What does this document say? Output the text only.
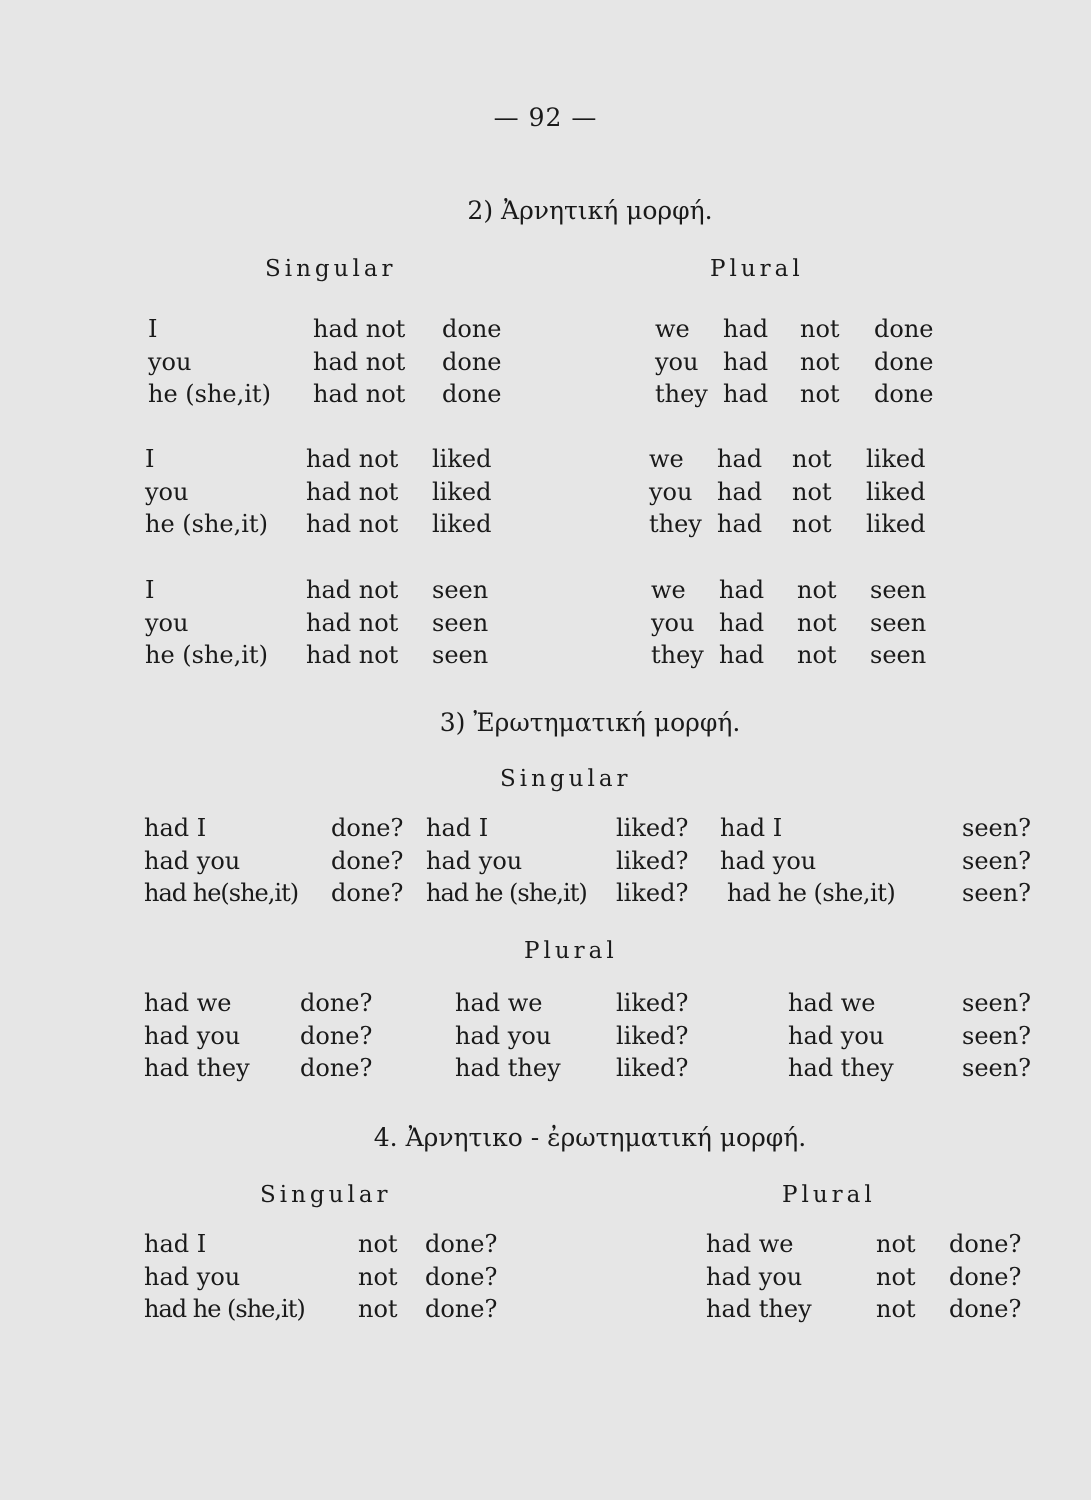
— 92 —
2) Ἀρνητική μορφή.
Singular	Plural
I	had not done	we had not done
you	had not done	you had not done
he (she,it) had not done	they had not done
I	had not liked	we had not liked
you	had not liked	you had not liked
he (she,it) had not liked	they had not liked
I	had not seen	we had not seen
you	had not seen	you had not seen
he (she,it) had not seen	they had not seen
3) Ἐρωτηματική μορφή.
Singular
had I	done? had I	liked? had I	seen?
had you	done? had you	liked? had you	seen?
had he(she,it) done? had he (she,it) liked? had he (she,it)	seen?
Plural
had we	done?	had we	liked?	had we	seen?
had you done?	had you	liked?	had you	seen?
had they done?	had they liked?	had they	seen?
4. Ἀρνητικο - ἐρωτηματική μορφή.
Singular	Plural
had I	not done?	had we	not done?
had you	not done?	had you	not done?
had he (she,it) not done?	had they	not done?
